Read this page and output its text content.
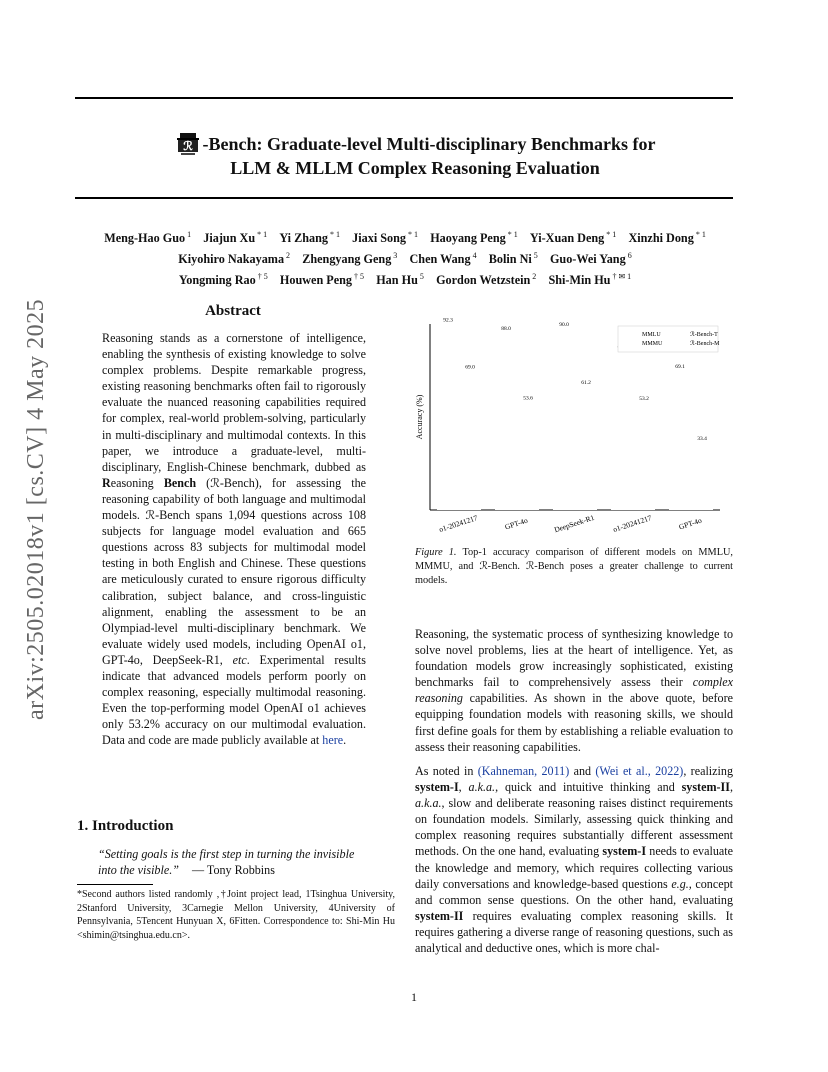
arXiv:2505.02018v1 [cs.CV] 4 May 2025
ℛ -Bench: Graduate-level Multi-disciplinary Benchmarks for
LLM & MLLM Complex Reasoning Evaluation
Meng-Hao Guo $^1$  Jiajun Xu $^{* 1}$  Yi Zhang $^{* 1}$  Jiaxi Song $^{* 1}$  Haoyang Peng $^{* 1}$  Yi-Xuan Deng $^{* 1}$  Xinzhi Dong $^{* 1}$
Kiyohiro Nakayama $^2$  Zhengyang Geng $^3$  Chen Wang $^4$  Bolin Ni $^5$  Guo-Wei Yang $^6$
Yongming Rao $^{\dagger 5}$  Houwen Peng $^{\dagger 5}$  Han Hu $^5$  Gordon Wetzstein $^2$  Shi-Min Hu $^{\dagger ✉ 1}$
Abstract
Reasoning stands as a cornerstone of intelligence, enabling the synthesis of existing knowledge to solve complex problems. Despite remarkable progress, existing reasoning benchmarks often fail to rigorously evaluate the nuanced reasoning capabilities required for complex, real-world problem-solving, particularly in multi-disciplinary and multimodal contexts. In this paper, we introduce a graduate-level, multi-disciplinary, English-Chinese benchmark, dubbed as Reasoning Bench (ℛ-Bench), for assessing the reasoning capability of both language and multimodal models. ℛ-Bench spans 1,094 questions across 108 subjects for language model evaluation and 665 questions across 83 subjects for multimodal model testing in both English and Chinese. These questions are meticulously curated to ensure rigorous difficulty calibration, subject balance, and cross-linguistic alignment, enabling the assessment to be an Olympiad-level multi-disciplinary benchmark. We evaluate widely used models, including OpenAI o1, GPT-4o, DeepSeek-R1, etc. Experimental results indicate that advanced models perform poorly on complex reasoning, especially multimodal reasoning. Even the top-performing model OpenAI o1 achieves only 53.2% accuracy on our multimodal evaluation. Data and code are made publicly available at here.
1. Introduction
“Setting goals is the first step in turning the invisible into the visible.” — Tony Robbins
*Second authors listed randomly ,†Joint project lead, 1Tsinghua University, 2Stanford University, 3Carnegie Mellon University, 4University of Pennsylvania, 5Tencent Hunyuan X, 6Fitten. Correspondence to: Shi-Min Hu <shimin@tsinghua.edu.cn>.
Accuracy (%)
92.3
69.0
o1-20241217
88.0
53.6
GPT-4o
90.0
61.2
DeepSeek-R1
53.2
o1-20241217
69.1
33.4
GPT-4o
MMLU
MMMU
ℛ-Bench-T
ℛ-Bench-M
Figure 1. Top-1 accuracy comparison of different models on MMLU, MMMU, and ℛ-Bench. ℛ-Bench poses a greater challenge to current models.
Reasoning, the systematic process of synthesizing knowledge to solve novel problems, lies at the heart of intelligence. Yet, as foundation models grow increasingly sophisticated, existing benchmarks fail to comprehensively assess their complex reasoning capabilities. As shown in the above quote, before equipping foundation models with reasoning skills, we should first define goals for them by establishing a reliable evaluation to assess their reasoning capabilities.
As noted in (Kahneman, 2011) and (Wei et al., 2022), realizing system-I, a.k.a., quick and intuitive thinking and system-II, a.k.a., slow and deliberate reasoning raises distinct requirements on foundation models. Similarly, assessing quick thinking and complex reasoning requires substantially different assessment methods. On the one hand, evaluating system-I needs to evaluate the knowledge and memory, which requires collecting various daily conversations and knowledge-based questions e.g., concept and common sense questions. On the other hand, evaluating system-II requires evaluating complex reasoning skills. It requires gathering a diverse range of reasoning questions, such as analytical and deductive ones, which is more chal-
1
